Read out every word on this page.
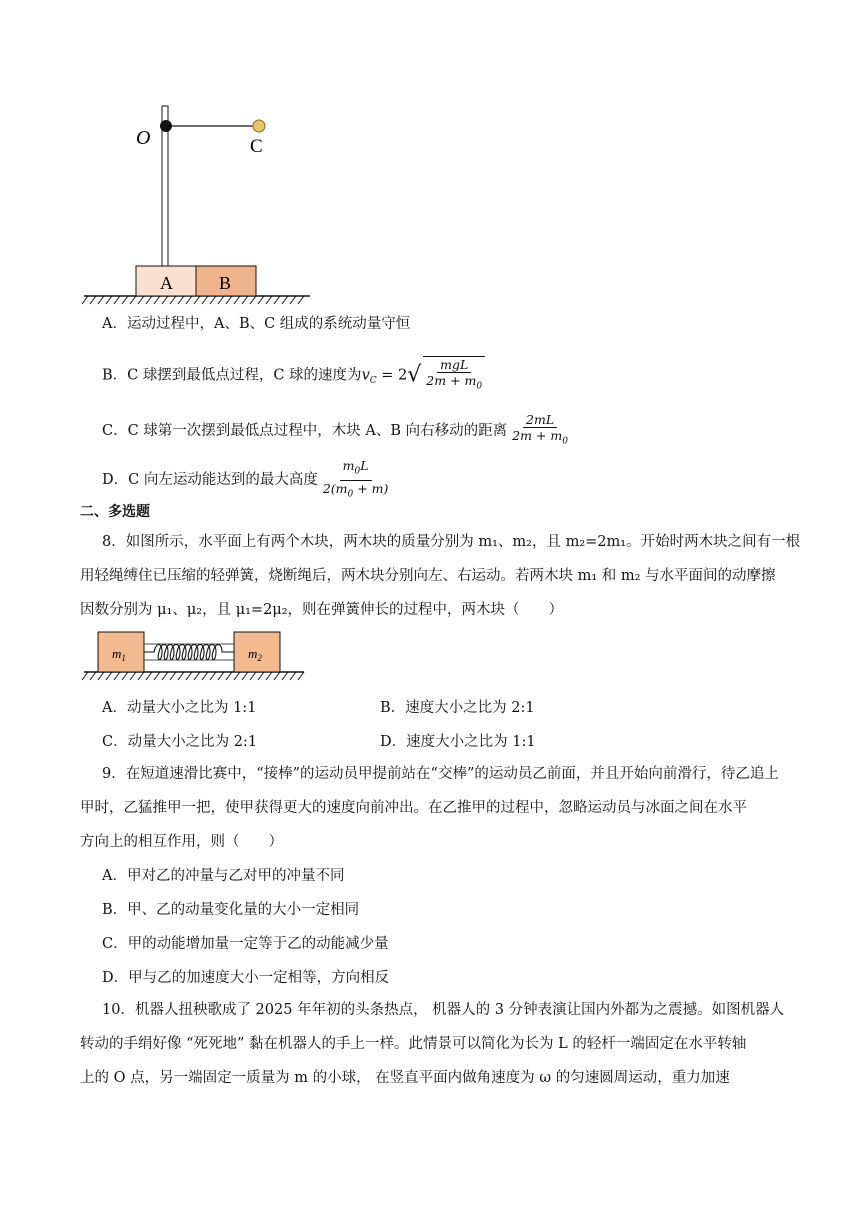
A	B
O	C
A．运动过程中，A、B、C 组成的系统动量守恒
B．C 球摆到最低点过程，C 球的速度为$v_C = 2√ \frac{\text{mgL}}{2m + m_0}$
C．C 球第一次摆到最低点过程中，木块 A、B 向右移动的距离 $\frac{2mL}{2m + m_0}$
D．C 向左运动能达到的最大高度 $\frac{m_0L}{2(m_0 + m)}$
二、多选题
8．如图所示，水平面上有两个木块，两木块的质量分别为 m₁、m₂，且 m₂=2m₁。开始时两木块之间有一根
用轻绳缚住已压缩的轻弹簧，烧断绳后，两木块分别向左、右运动。若两木块 m₁ 和 m₂ 与水平面间的动摩擦
因数分别为 μ₁、μ₂，且 μ₁=2μ₂，则在弹簧伸长的过程中，两木块（　　）
$m_1$	$m_2$
A．动量大小之比为 1:1	B．速度大小之比为 2:1
C．动量大小之比为 2:1	D．速度大小之比为 1:1
9．在短道速滑比赛中，“接棒”的运动员甲提前站在“交棒”的运动员乙前面，并且开始向前滑行，待乙追上
甲时，乙猛推甲一把，使甲获得更大的速度向前冲出。在乙推甲的过程中，忽略运动员与冰面之间在水平
方向上的相互作用，则（　　）
A．甲对乙的冲量与乙对甲的冲量不同
B．甲、乙的动量变化量的大小一定相同
C．甲的动能增加量一定等于乙的动能减少量
D．甲与乙的加速度大小一定相等，方向相反
10．机器人扭秧歌成了 2025 年年初的头条热点， 机器人的 3 分钟表演让国内外都为之震撼。如图机器人
转动的手绢好像 “死死地” 黏在机器人的手上一样。此情景可以简化为长为 L 的轻杆一端固定在水平转轴
上的 O 点，另一端固定一质量为 m 的小球， 在竖直平面内做角速度为 ω 的匀速圆周运动，重力加速
